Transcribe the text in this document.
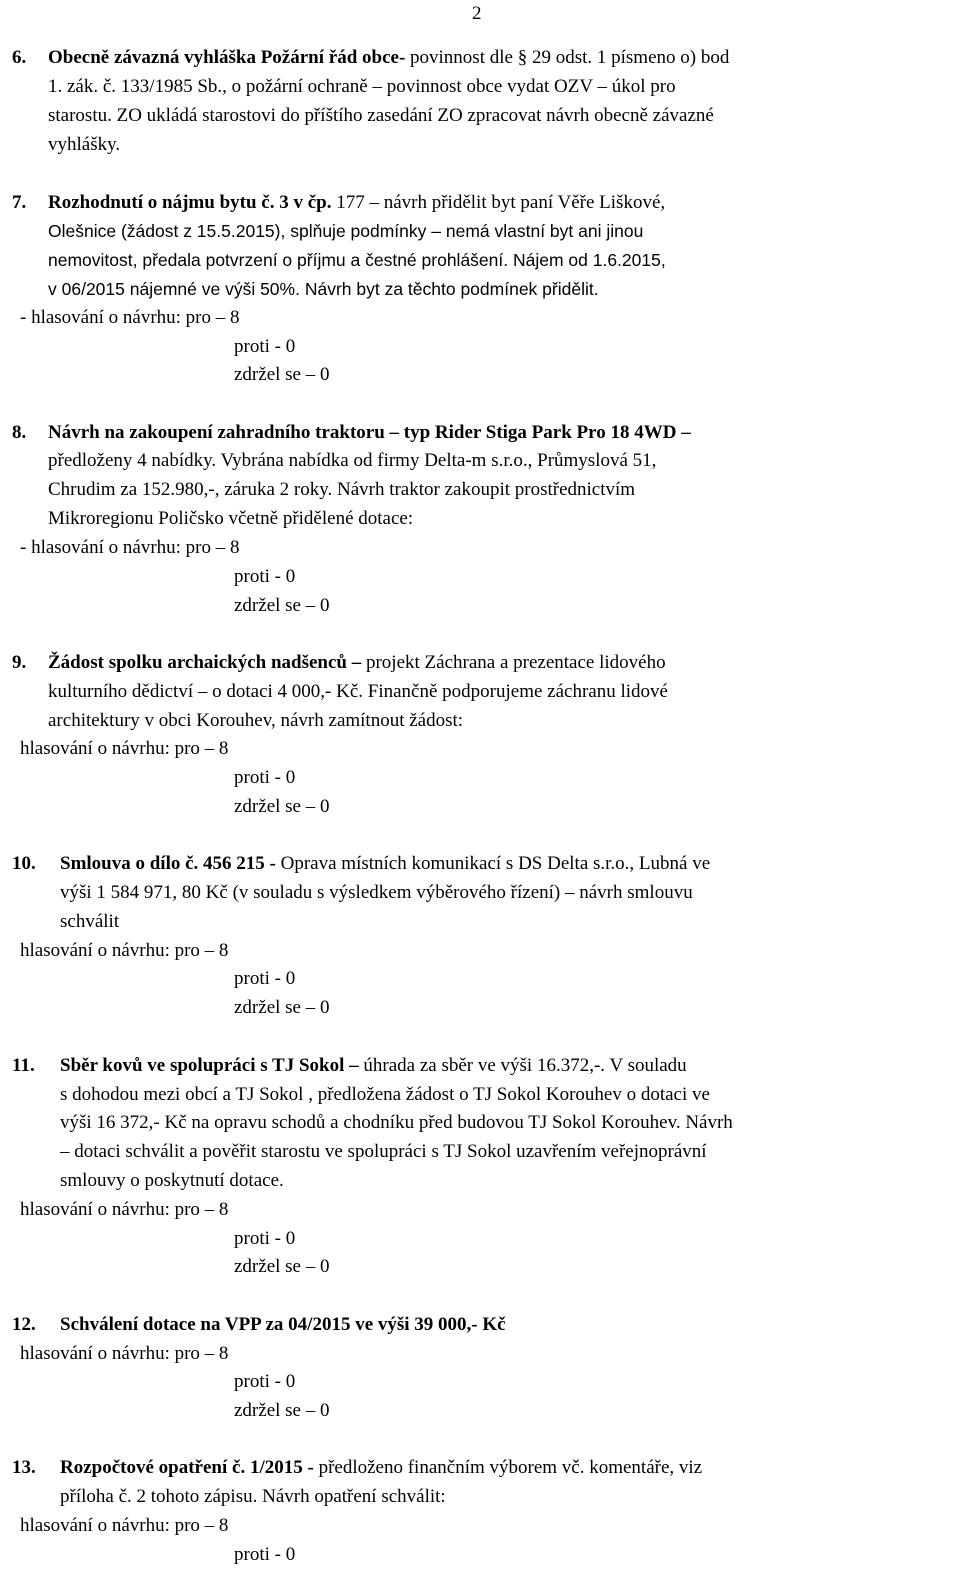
2
6. Obecně závazná vyhláška Požární řád obce- povinnost dle § 29 odst. 1 písmeno o) bod
1. zák. č. 133/1985 Sb., o požární ochraně – povinnost obce vydat OZV – úkol pro
starostu. ZO ukládá starostovi do příštího zasedání ZO zpracovat návrh obecně závazné
vyhlášky.
7. Rozhodnutí o nájmu bytu č. 3 v čp. 177 – návrh přidělit byt paní Věře Liškové,
Olešnice (žádost z 15.5.2015), splňuje podmínky – nemá vlastní byt ani jinou
nemovitost, předala potvrzení o příjmu a čestné prohlášení. Nájem od 1.6.2015,
v 06/2015 nájemné ve výši 50%. Návrh byt za těchto podmínek přidělit.
- hlasování o návrhu: pro – 8
proti - 0
zdržel se – 0
8. Návrh na zakoupení zahradního traktoru – typ Rider Stiga Park Pro 18 4WD –
předloženy 4 nabídky. Vybrána nabídka od firmy Delta-m s.r.o., Průmyslová 51,
Chrudim za 152.980,-, záruka 2 roky. Návrh traktor zakoupit prostřednictvím
Mikroregionu Poličsko včetně přidělené dotace:
- hlasování o návrhu: pro – 8
proti - 0
zdržel se – 0
9. Žádost spolku archaických nadšenců – projekt Záchrana a prezentace lidového
kulturního dědictví – o dotaci 4 000,- Kč. Finančně podporujeme záchranu lidové
architektury v obci Korouhev, návrh zamítnout žádost:
hlasování o návrhu: pro – 8
proti - 0
zdržel se – 0
10. Smlouva o dílo č. 456 215 - Oprava místních komunikací s DS Delta s.r.o., Lubná ve
výši 1 584 971, 80 Kč (v souladu s výsledkem výběrového řízení) – návrh smlouvu
schválit
hlasování o návrhu: pro – 8
proti - 0
zdržel se – 0
11. Sběr kovů ve spolupráci s TJ Sokol – úhrada za sběr ve výši 16.372,-. V souladu
s dohodou mezi obcí a TJ Sokol , předložena žádost o TJ Sokol Korouhev o dotaci ve
výši 16 372,- Kč na opravu schodů a chodníku před budovou TJ Sokol Korouhev. Návrh
– dotaci schválit a pověřit starostu ve spolupráci s TJ Sokol uzavřením veřejnoprávní
smlouvy o poskytnutí dotace.
hlasování o návrhu: pro – 8
proti - 0
zdržel se – 0
12. Schválení dotace na VPP za 04/2015 ve výši 39 000,- Kč
hlasování o návrhu: pro – 8
proti - 0
zdržel se – 0
13. Rozpočtové opatření č. 1/2015 - předloženo finančním výborem vč. komentáře, viz
příloha č. 2 tohoto zápisu. Návrh opatření schválit:
hlasování o návrhu: pro – 8
proti - 0
